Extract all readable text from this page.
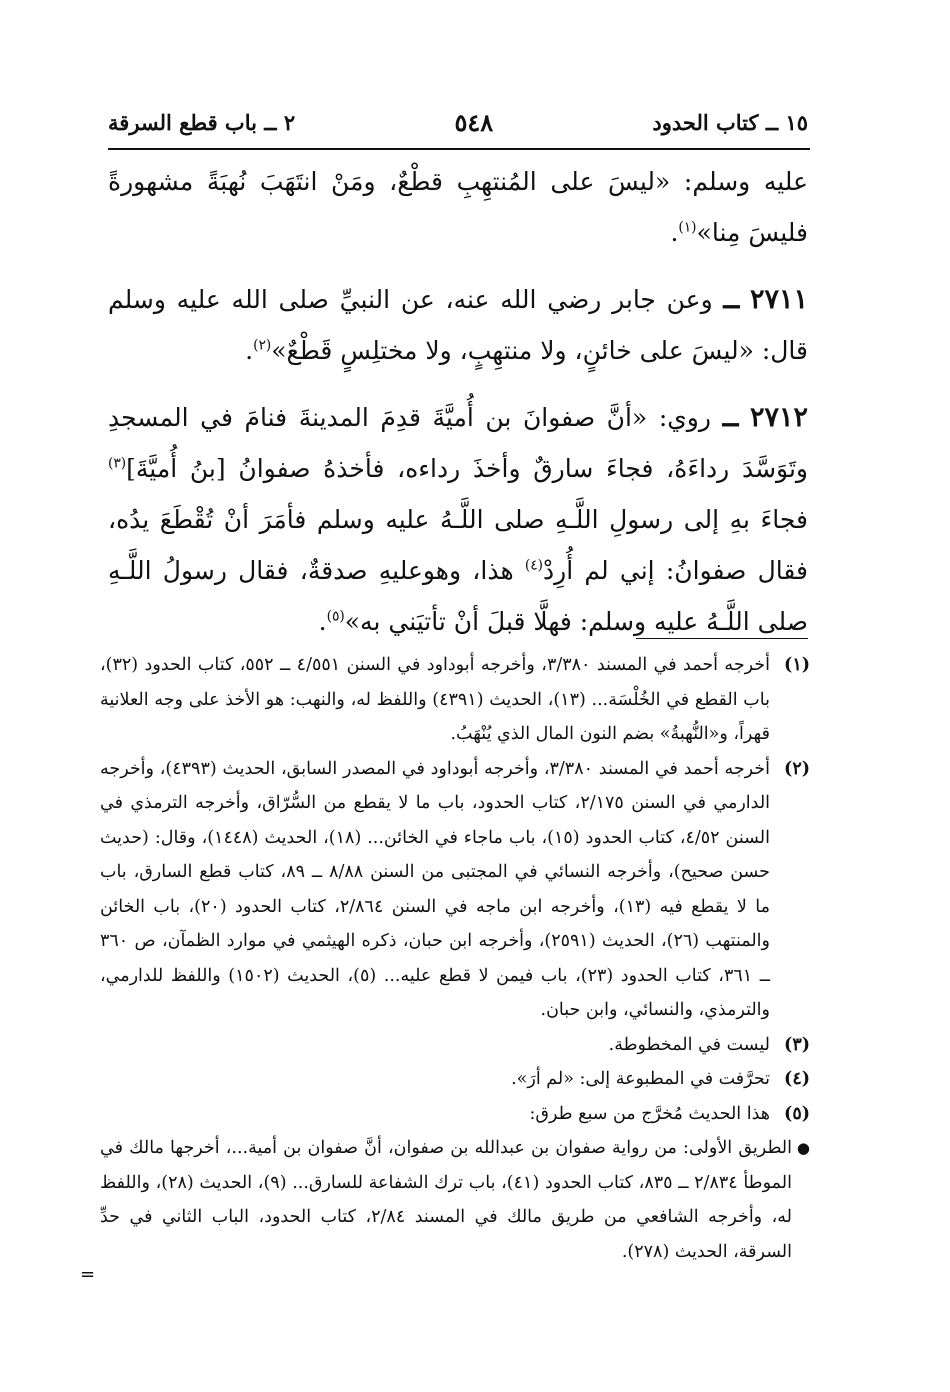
١٥ ــ كتاب الحدود
٥٤٨
٢ ــ باب قطع السرقة

عليه وسلم: «ليسَ على المُنتهِبِ قطْعٌ، ومَنْ انتَهَبَ نُهبَةً مشهورةً فليسَ مِنا»$^{(١)}$.

٢٧١١ ــ وعن جابر رضي الله عنه، عن النبيِّ صلى الله عليه وسلم قال: «ليسَ على خائنٍ، ولا منتهِبٍ، ولا مختلِسٍ قَطْعٌ»$^{(٢)}$.

٢٧١٢ ــ روي: «أنَّ صفوانَ بن أُميَّةَ قدِمَ المدينةَ فنامَ في المسجدِ وتَوَسَّدَ رداءَهُ، فجاءَ سارقٌ وأخذَ رداءه، فأخذهُ صفوانُ [بنُ أُميَّةَ]$^{(٣)}$ فجاءَ بهِ إلى رسولِ اللَّـهِ صلى اللَّـهُ عليه وسلم فأمَرَ أنْ تُقْطَعَ يدُه، فقال صفوانُ: إني لم أُرِدْ$^{(٤)}$ هذا، وهوعليهِ صدقةٌ، فقال رسولُ اللَّـهِ صلى اللَّـهُ عليه وسلم: فهلَّا قبلَ أنْ تأتيَني به»$^{(٥)}$.

(١)
أخرجه أحمد في المسند ٣/٣٨٠، وأخرجه أبوداود في السنن ٤/٥٥١ ــ ٥٥٢، كتاب الحدود (٣٢)، باب القطع في الخُلْسَة... (١٣)، الحديث (٤٣٩١) واللفظ له، والنهب: هو الأخذ على وجه العلانية قهراً، و«النُّهبةُ» بضم النون المال الذي يُنْهَبُ.
(٢)
أخرجه أحمد في المسند ٣/٣٨٠، وأخرجه أبوداود في المصدر السابق، الحديث (٤٣٩٣)، وأخرجه الدارمي في السنن ٢/١٧٥، كتاب الحدود، باب ما لا يقطع من السُّرّاق، وأخرجه الترمذي في السنن ٤/٥٢، كتاب الحدود (١٥)، باب ماجاء في الخائن... (١٨)، الحديث (١٤٤٨)، وقال: (حديث حسن صحيح)، وأخرجه النسائي في المجتبى من السنن ٨/٨٨ ــ ٨٩، كتاب قطع السارق، باب ما لا يقطع فيه (١٣)، وأخرجه ابن ماجه في السنن ٢/٨٦٤، كتاب الحدود (٢٠)، باب الخائن والمنتهب (٢٦)، الحديث (٢٥٩١)، وأخرجه ابن حبان، ذكره الهيثمي في موارد الظمآن، ص ٣٦٠ ــ ٣٦١، كتاب الحدود (٢٣)، باب فيمن لا قطع عليه... (٥)، الحديث (١٥٠٢) واللفظ للدارمي، والترمذي، والنسائي، وابن حبان.
(٣)
ليست في المخطوطة.
(٤)
تحرَّفت في المطبوعة إلى: «لم أرَ».
(٥)
هذا الحديث مُخرَّج من سبع طرق:
●
الطريق الأولى: من رواية صفوان بن عبدالله بن صفوان، أنَّ صفوان بن أمية...، أخرجها مالك في الموطأ ٢/٨٣٤ ــ ٨٣٥، كتاب الحدود (٤١)، باب ترك الشفاعة للسارق... (٩)، الحديث (٢٨)، واللفظ له، وأخرجه الشافعي من طريق مالك في المسند ٢/٨٤، كتاب الحدود، الباب الثاني في حدِّ السرقة، الحديث (٢٧٨).
=
